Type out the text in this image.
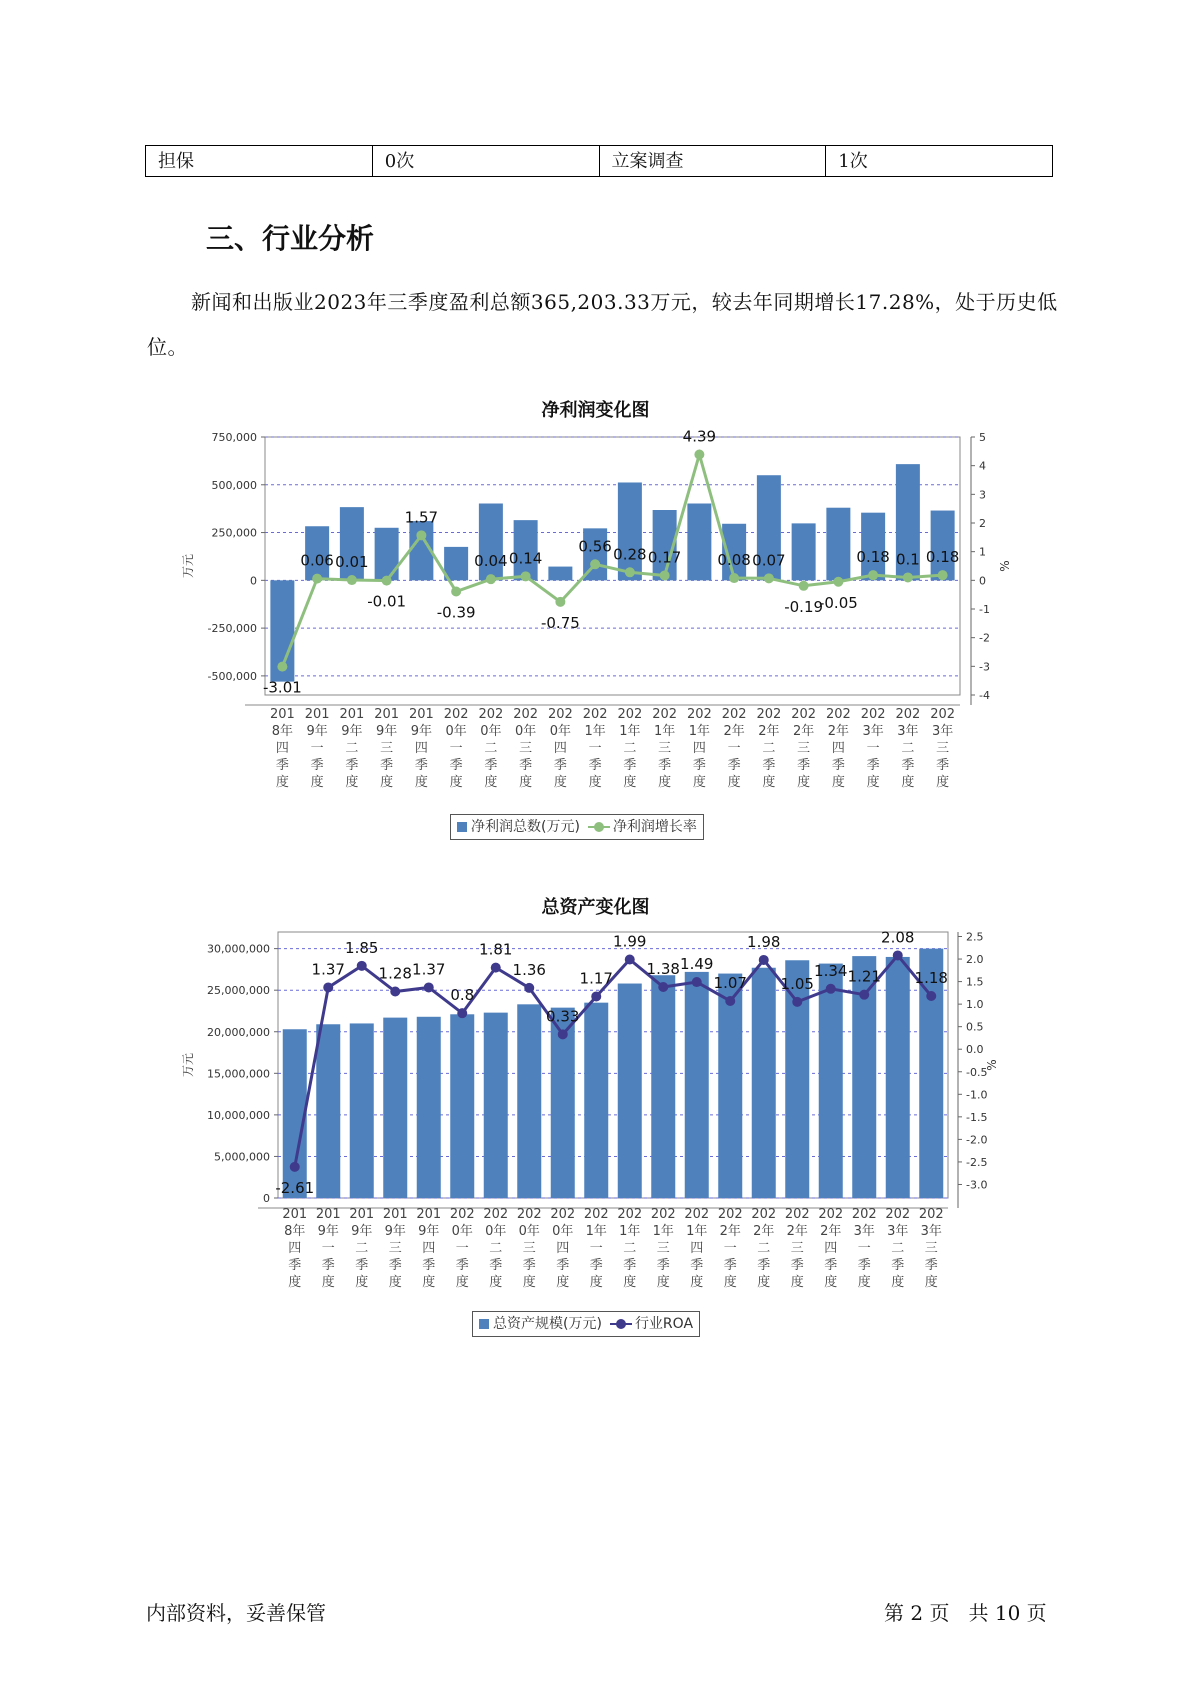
担保	0次	立案调查	1次
三、行业分析
新闻和出版业2023年三季度盈利总额365,203.33万元，较去年同期增长17.28%，处于历史低位。
净利润变化图
750,000
500,000
250,000
0
-250,000
-500,000
5
4
3
2
1
0
-1
-2
-3
-4
万元	%
201 8年四季度
201 9年一季度
201 9年二季度
201 9年三季度
201 9年四季度
202 0年一季度
202 0年二季度
202 0年三季度
202 0年四季度
202 1年一季度
202 1年二季度
202 1年三季度
202 1年四季度
202 2年一季度
202 2年二季度
202 2年三季度
202 2年四季度
202 3年一季度
202 3年二季度
202 3年三季度
-3.01
0.06 0.01
-0.01
1.57
-0.39
0.04 0.14
-0.75
0.56 0.28 0.17
4.39
0.08 0.07
-0.19
-0.05
0.18 0.1 0.18
净利润总数(万元) 净利润增长率
总资产变化图
30,000,000
25,000,000
20,000,000
15,000,000
10,000,000
5,000,000
0
2.5
2.0
1.5
1.0
0.5
0.0
-0.5
-1.0
-1.5
-2.0
-2.5
-3.0
万元	%
201 8年四季度
201 9年一季度
201 9年二季度
201 9年三季度
201 9年四季度
202 0年一季度
202 0年二季度
202 0年三季度
202 0年四季度
202 1年一季度
202 1年二季度
202 1年三季度
202 1年四季度
202 2年一季度
202 2年二季度
202 2年三季度
202 2年四季度
202 3年一季度
202 3年二季度
202 3年三季度
-2.61
1.37
1.85
1.28 1.37
0.8
1.81
1.36
0.33
1.17
1.99
1.38 1.49
1.07
1.98
1.05
1.34 1.21
2.08
1.18
总资产规模(万元) 行业ROA
内部资料，妥善保管	第 2 页   共 10 页
